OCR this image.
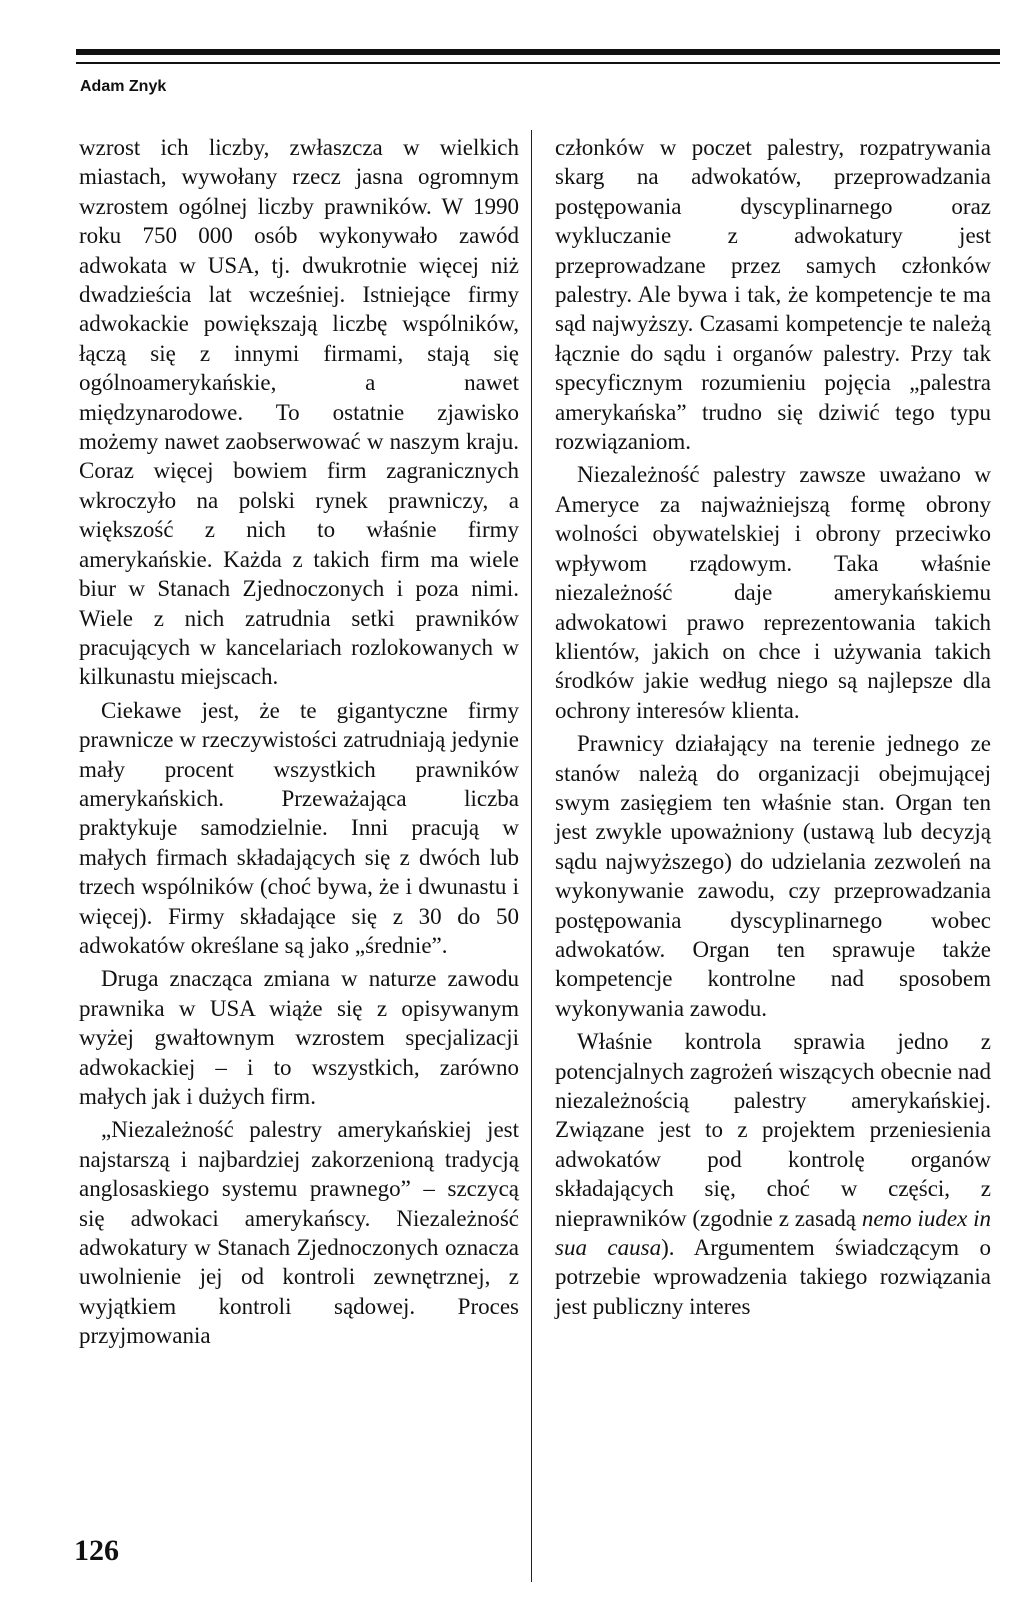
Adam Znyk

wzrost ich liczby, zwłaszcza w wielkich miastach, wywołany rzecz jasna ogromnym wzrostem ogólnej liczby prawników. W 1990 roku 750 000 osób wykonywało zawód adwokata w USA, tj. dwukrotnie więcej niż dwadzieścia lat wcześniej. Istniejące firmy adwokackie powiększają liczbę wspólników, łączą się z innymi firmami, stają się ogólnoamerykańskie, a nawet międzynarodowe. To ostatnie zjawisko możemy nawet zaobserwować w naszym kraju. Coraz więcej bowiem firm zagranicznych wkroczyło na polski rynek prawniczy, a większość z nich to właśnie firmy amerykańskie. Każda z takich firm ma wiele biur w Stanach Zjednoczonych i poza nimi. Wiele z nich zatrudnia setki prawników pracujących w kancelariach rozlokowanych w kilkunastu miejscach.

Ciekawe jest, że te gigantyczne firmy prawnicze w rzeczywistości zatrudniają jedynie mały procent wszystkich prawników amerykańskich. Przeważająca liczba praktykuje samodzielnie. Inni pracują w małych firmach składających się z dwóch lub trzech wspólników (choć bywa, że i dwunastu i więcej). Firmy składające się z 30 do 50 adwokatów określane są jako „średnie”.

Druga znacząca zmiana w naturze zawodu prawnika w USA wiąże się z opisywanym wyżej gwałtownym wzrostem specjalizacji adwokackiej – i to wszystkich, zarówno małych jak i dużych firm.

„Niezależność palestry amerykańskiej jest najstarszą i najbardziej zakorzenioną tradycją anglosaskiego systemu prawnego” – szczycą się adwokaci amerykańscy. Niezależność adwokatury w Stanach Zjednoczonych oznacza uwolnienie jej od kontroli zewnętrznej, z wyjątkiem kontroli sądowej. Proces przyjmowania

członków w poczet palestry, rozpatrywania skarg na adwokatów, przeprowadzania postępowania dyscyplinarnego oraz wykluczanie z adwokatury jest przeprowadzane przez samych członków palestry. Ale bywa i tak, że kompetencje te ma sąd najwyższy. Czasami kompetencje te należą łącznie do sądu i organów palestry. Przy tak specyficznym rozumieniu pojęcia „palestra amerykańska” trudno się dziwić tego typu rozwiązaniom.

Niezależność palestry zawsze uważano w Ameryce za najważniejszą formę obrony wolności obywatelskiej i obrony przeciwko wpływom rządowym. Taka właśnie niezależność daje amerykańskiemu adwokatowi prawo reprezentowania takich klientów, jakich on chce i używania takich środków jakie według niego są najlepsze dla ochrony interesów klienta.

Prawnicy działający na terenie jednego ze stanów należą do organizacji obejmującej swym zasięgiem ten właśnie stan. Organ ten jest zwykle upoważniony (ustawą lub decyzją sądu najwyższego) do udzielania zezwoleń na wykonywanie zawodu, czy przeprowadzania postępowania dyscyplinarnego wobec adwokatów. Organ ten sprawuje także kompetencje kontrolne nad sposobem wykonywania zawodu.

Właśnie kontrola sprawia jedno z potencjalnych zagrożeń wiszących obecnie nad niezależnością palestry amerykańskiej. Związane jest to z projektem przeniesienia adwokatów pod kontrolę organów składających się, choć w części, z nieprawników (zgodnie z zasadą nemo iudex in sua causa). Argumentem świadczącym o potrzebie wprowadzenia takiego rozwiązania jest publiczny interes

126
